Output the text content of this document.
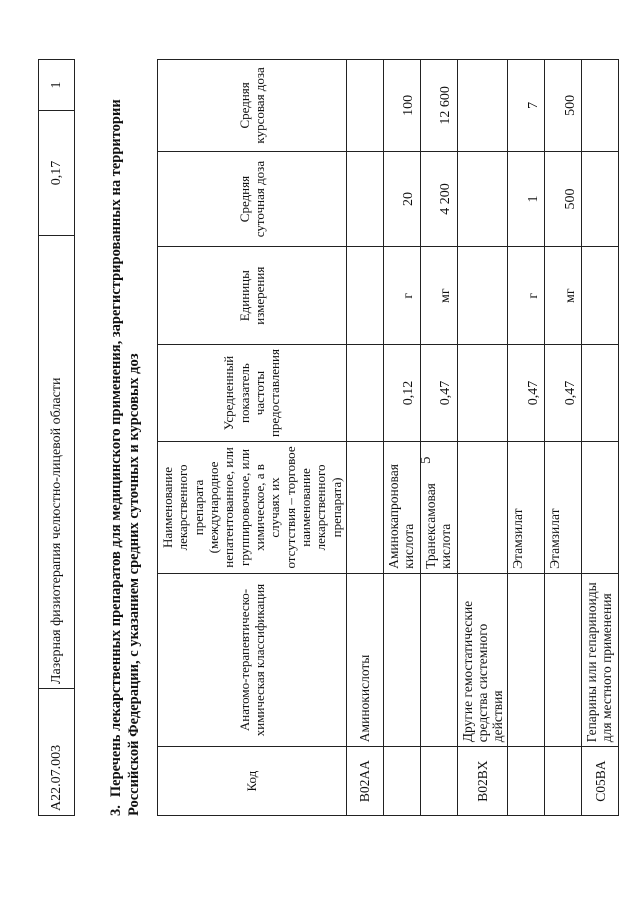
5
A22.07.003	Лазерная физиотерапия челюстно-лицевой области	0,17	1
3.Перечень лекарственных препаратов для медицинского применения, зарегистрированных на территории Российской Федерации, с указанием средних суточных и курсовых доз	Код	Анатомо-терапевтическо-химическая классификация	Наименование лекарственного препарата (международное непатентованное, или группировочное, или химическое, а в случаях их отсутствия – торговое наименование лекарственного препарата)	Усредненный показатель частоты предоставления	Единицы измерения	Средняя суточная доза	Средняя курсовая доза
B02AA	Аминокислоты					
		Аминокапроновая кислота	0,12	г	20	100
		Транексамовая кислота	0,47	мг	4 200	12 600
B02BX	Другие гемостатические средства системного действия					
		Этамзилат	0,47	г	1	7
		Этамзилат	0,47	мг	500	500
C05BA	Гепарины или гепариноиды для местного применения					
